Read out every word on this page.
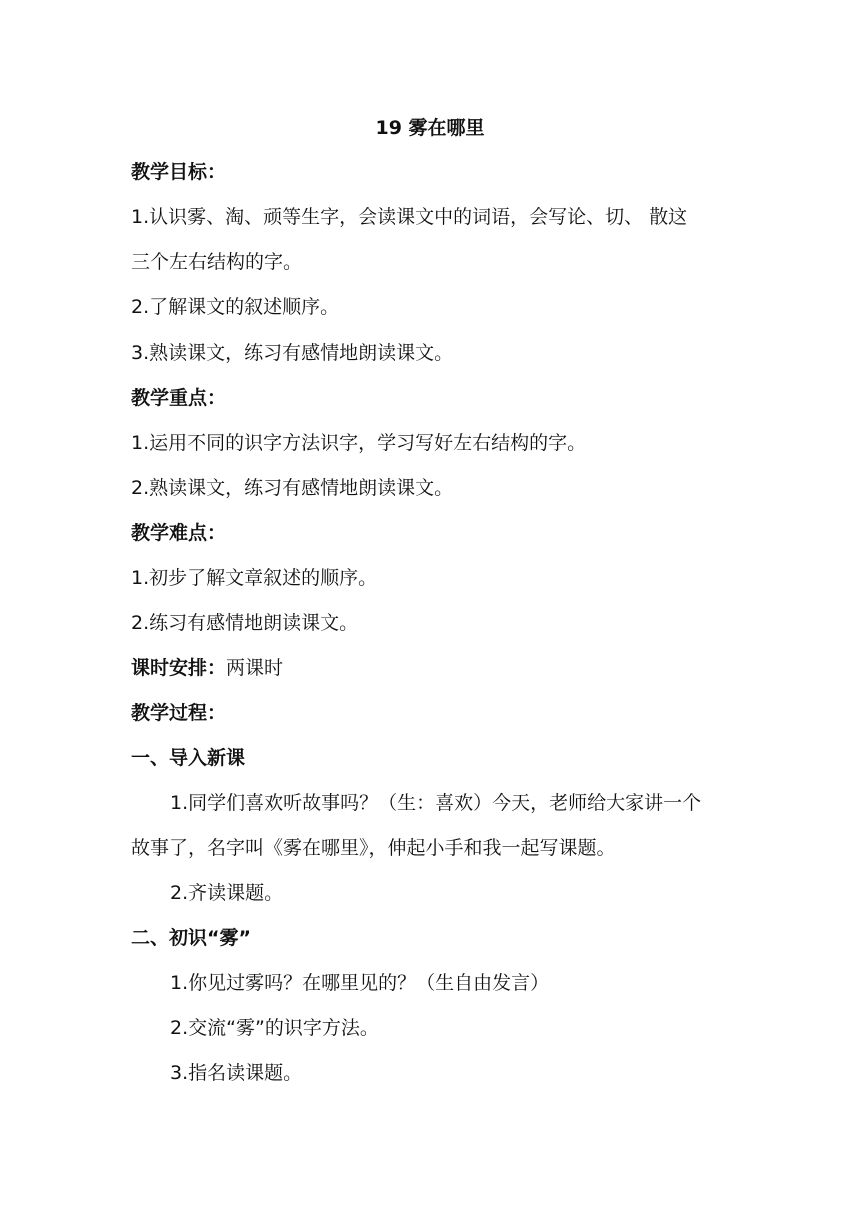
19 雾在哪里
教学目标：
1.认识雾、淘、顽等生字，会读课文中的词语，会写论、切、 散这
三个左右结构的字。
2.了解课文的叙述顺序。
3.熟读课文，练习有感情地朗读课文。
教学重点：
1.运用不同的识字方法识字，学习写好左右结构的字。
2.熟读课文，练习有感情地朗读课文。
教学难点：
1.初步了解文章叙述的顺序。
2.练习有感情地朗读课文。
课时安排：两课时
教学过程：
一、导入新课
1.同学们喜欢听故事吗？（生：喜欢）今天，老师给大家讲一个
故事了，名字叫《雾在哪里》，伸起小手和我一起写课题。
2.齐读课题。
二、初识“雾”
1.你见过雾吗？在哪里见的？（生自由发言）
2.交流“雾”的识字方法。
3.指名读课题。
